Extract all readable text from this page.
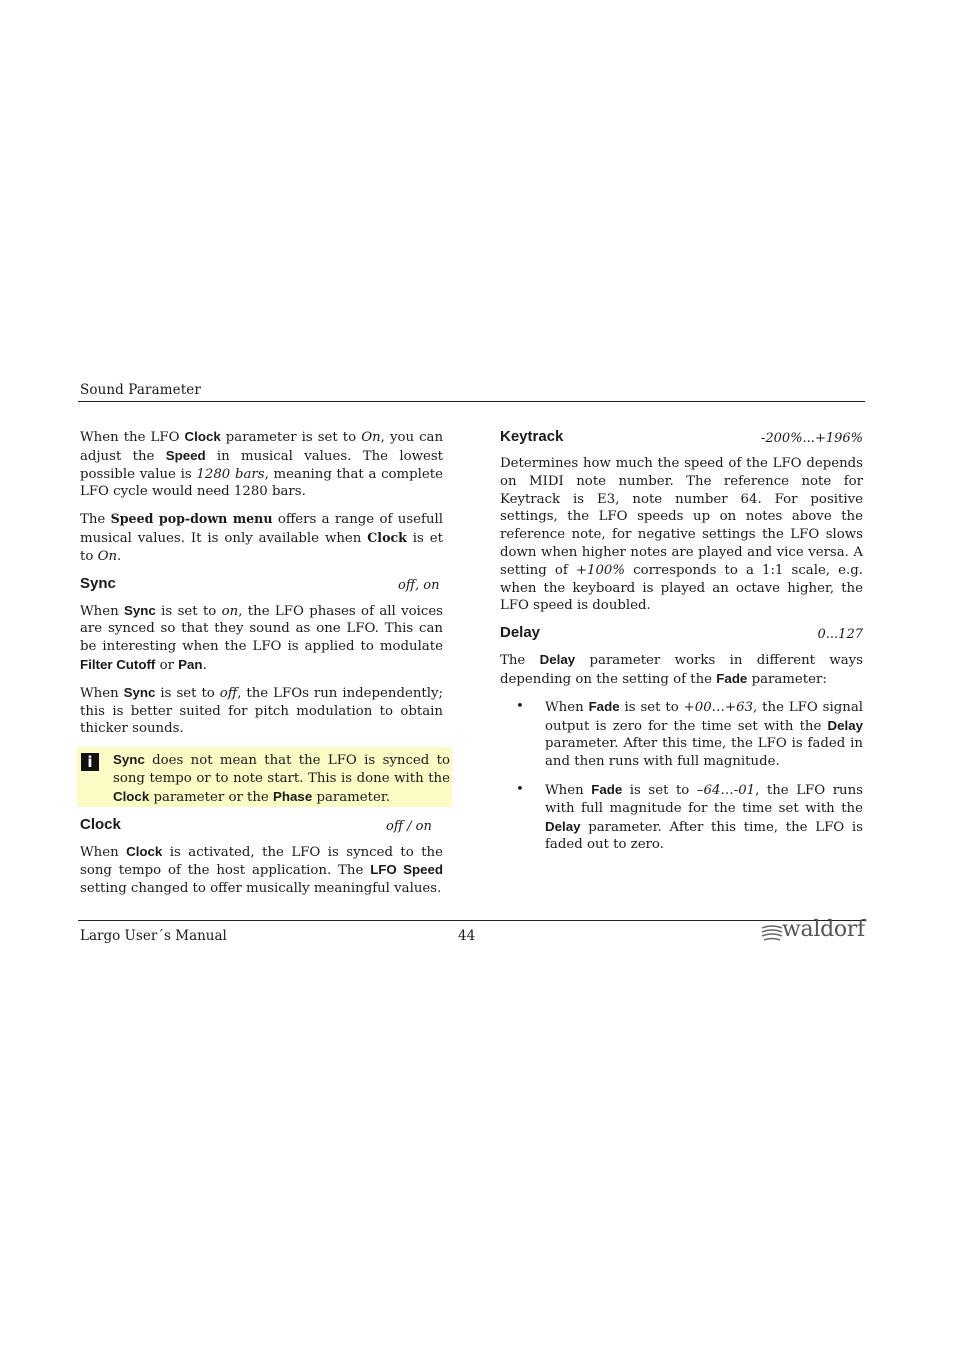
Sound Parameter

When the LFO Clock parameter is set to On, you can adjust the Speed in musical values. The lowest possible value is 1280 bars, meaning that a complete LFO cycle would need 1280 bars.

The Speed pop-down menu offers a range of usefull musical values. It is only available when Clock is et to On.

Sync	off, on

When Sync is set to on, the LFO phases of all voices are synced so that they sound as one LFO. This can be interesting when the LFO is applied to modulate Filter Cutoff or Pan.

When Sync is set to off, the LFOs run independently; this is better suited for pitch modulation to obtain thicker sounds.

i	Sync does not mean that the LFO is synced to song tempo or to note start. This is done with the Clock parameter or the Phase parameter.
Clock	off / on

When Clock is activated, the LFO is synced to the song tempo of the host application. The LFO Speed setting changed to offer musically meaningful values.

Keytrack	-200%...+196%

Determines how much the speed of the LFO depends on MIDI note number. The reference note for Keytrack is E3, note number 64. For positive settings, the LFO speeds up on notes above the reference note, for negative settings the LFO slows down when higher notes are played and vice versa. A setting of +100% corresponds to a 1:1 scale, e.g. when the keyboard is played an octave higher, the LFO speed is doubled.

Delay	0...127

The Delay parameter works in different ways depending on the setting of the Fade parameter:

• When Fade is set to +00…+63, the LFO signal output is zero for the time set with the Delay parameter. After this time, the LFO is faded in and then runs with full magnitude.
• When Fade is set to –64…-01, the LFO runs with full magnitude for the time set with the Delay parameter. After this time, the LFO is faded out to zero.
Largo User´s Manual	44	waldorf
